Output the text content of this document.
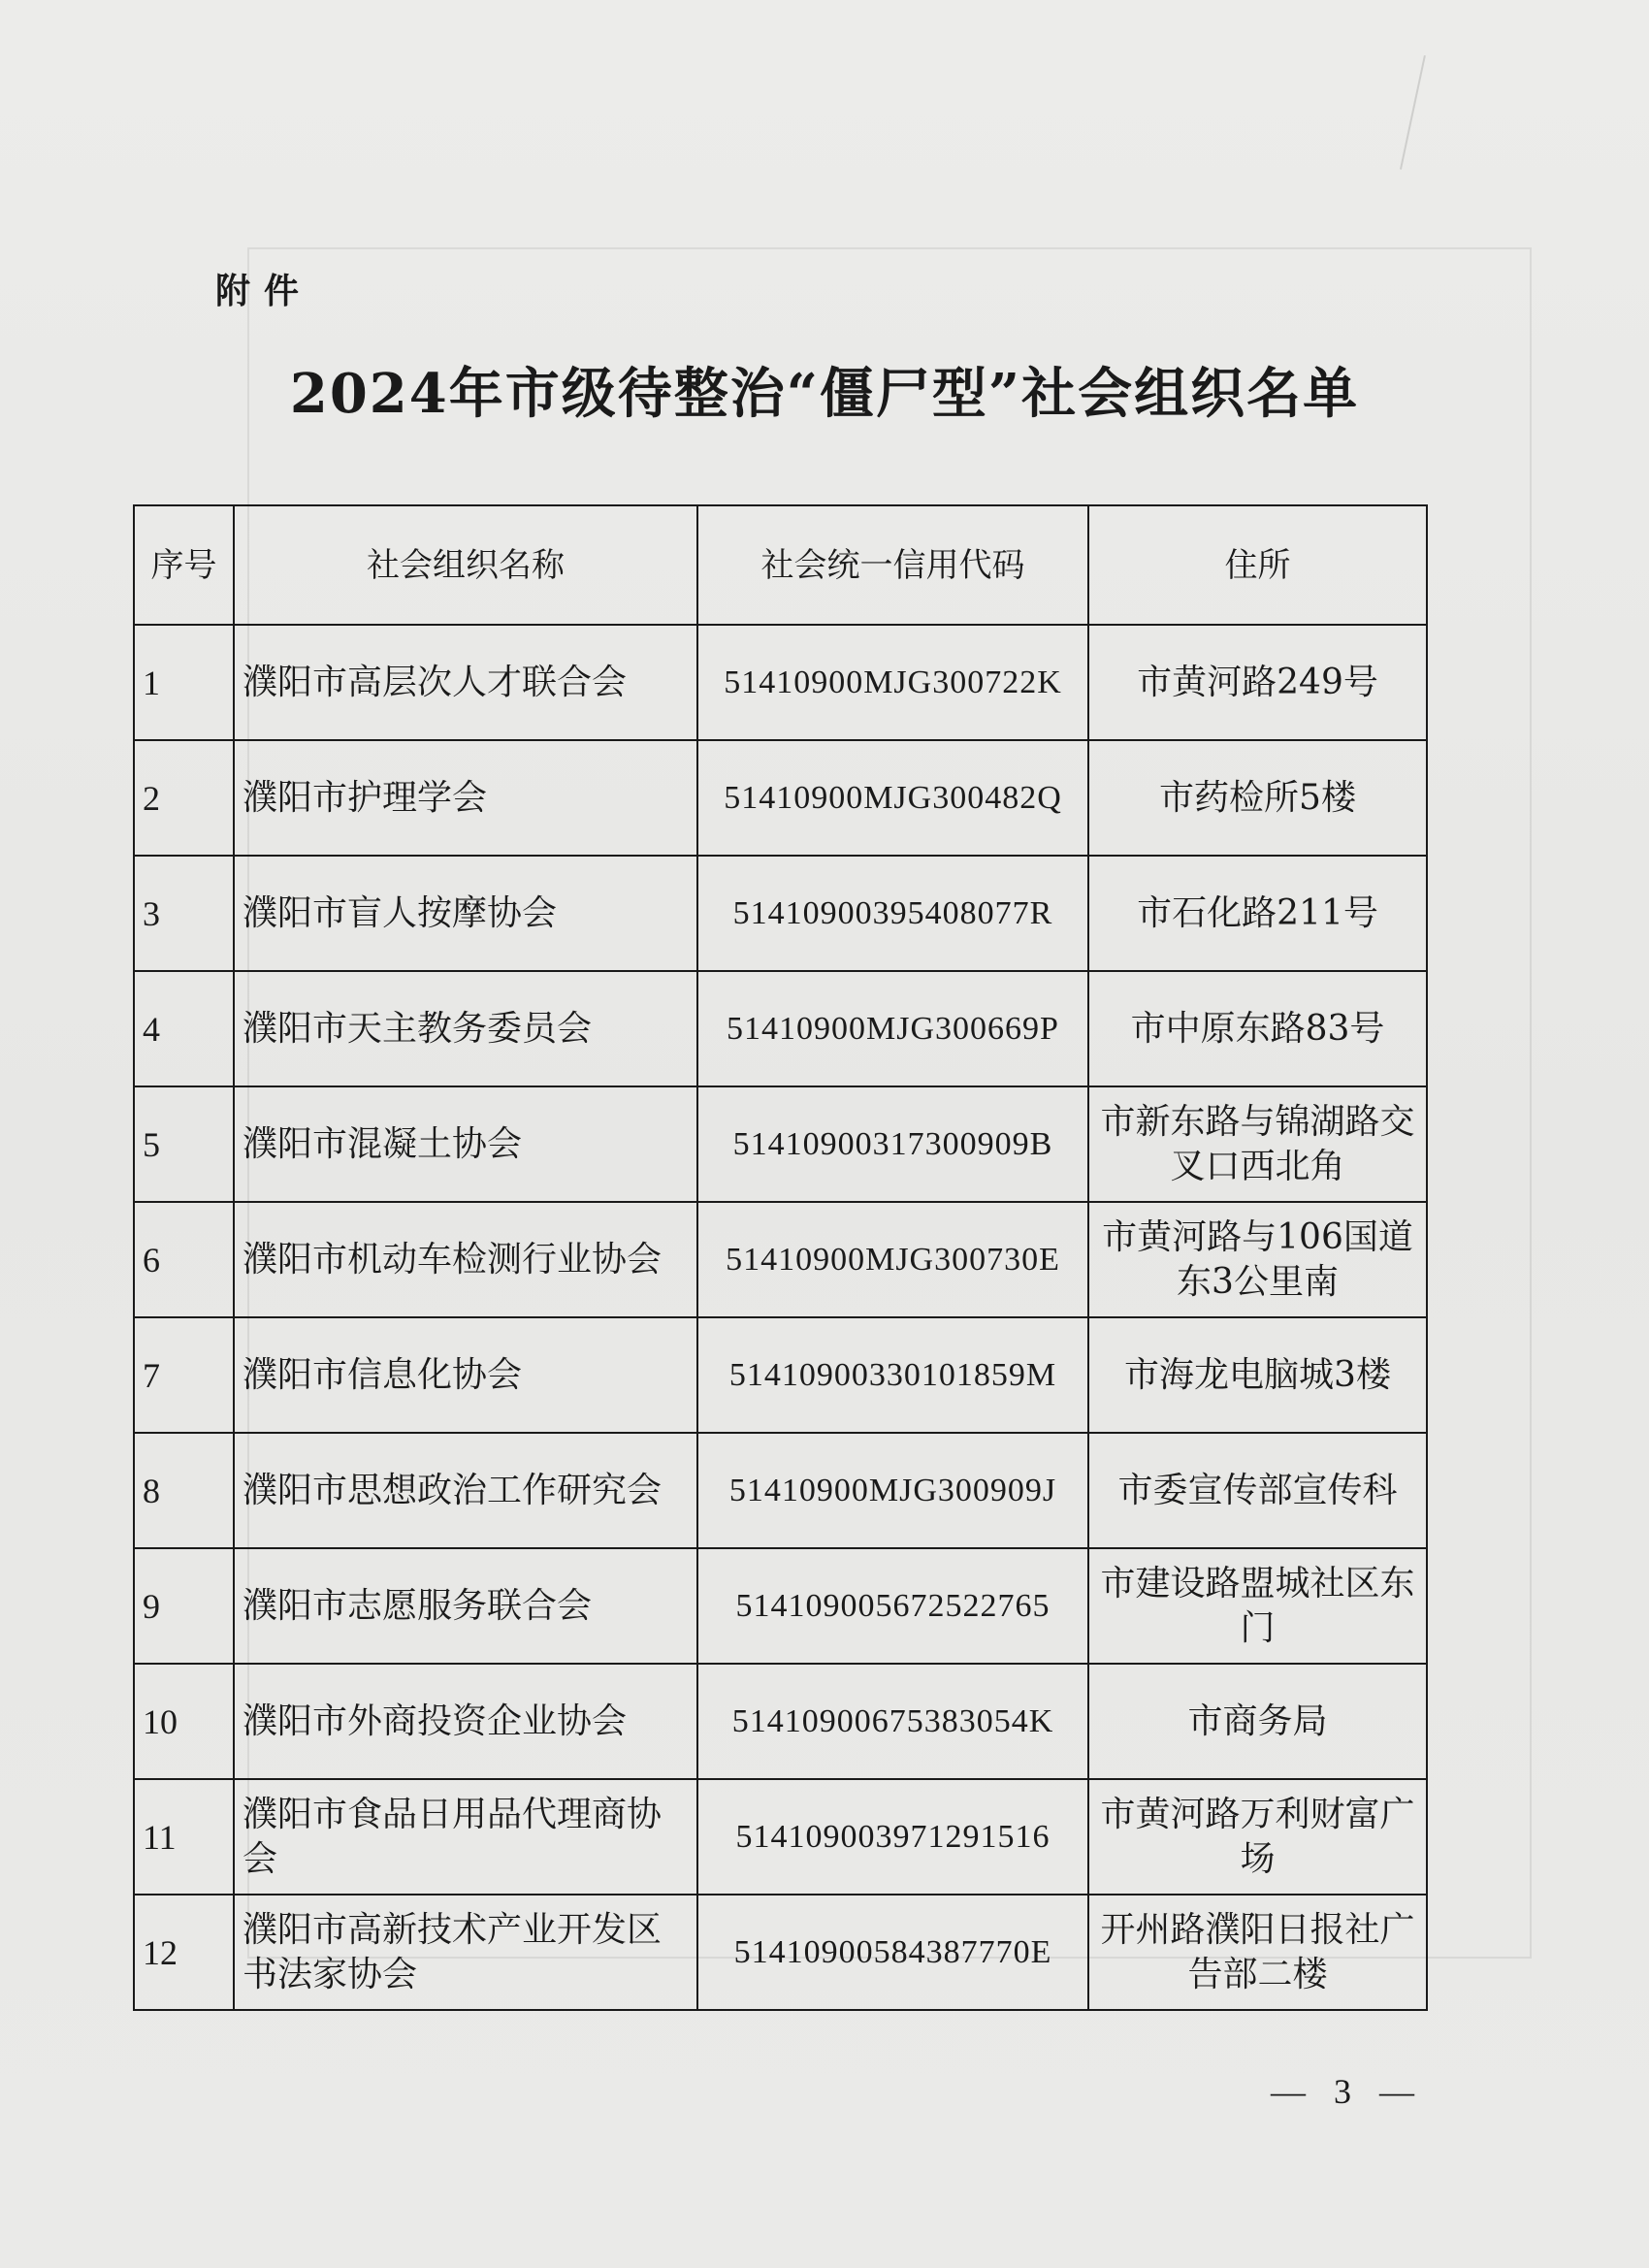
附件
2024年市级待整治“僵尸型”社会组织名单
序号	社会组织名称	社会统一信用代码	住所
1	濮阳市高层次人才联合会	51410900MJG300722K	市黄河路249号
2	濮阳市护理学会	51410900MJG300482Q	市药检所5楼
3	濮阳市盲人按摩协会	51410900395408077R	市石化路211号
4	濮阳市天主教务委员会	51410900MJG300669P	市中原东路83号
5	濮阳市混凝土协会	51410900317300909B	市新东路与锦湖路交叉口西北角
6	濮阳市机动车检测行业协会	51410900MJG300730E	市黄河路与106国道东3公里南
7	濮阳市信息化协会	51410900330101859M	市海龙电脑城3楼
8	濮阳市思想政治工作研究会	51410900MJG300909J	市委宣传部宣传科
9	濮阳市志愿服务联合会	514109005672522765	市建设路盟城社区东门
10	濮阳市外商投资企业协会	51410900675383054K	市商务局
11	濮阳市食品日用品代理商协会	514109003971291516	市黄河路万利财富广场
12	濮阳市高新技术产业开发区书法家协会	51410900584387770E	开州路濮阳日报社广告部二楼
— 3 —
